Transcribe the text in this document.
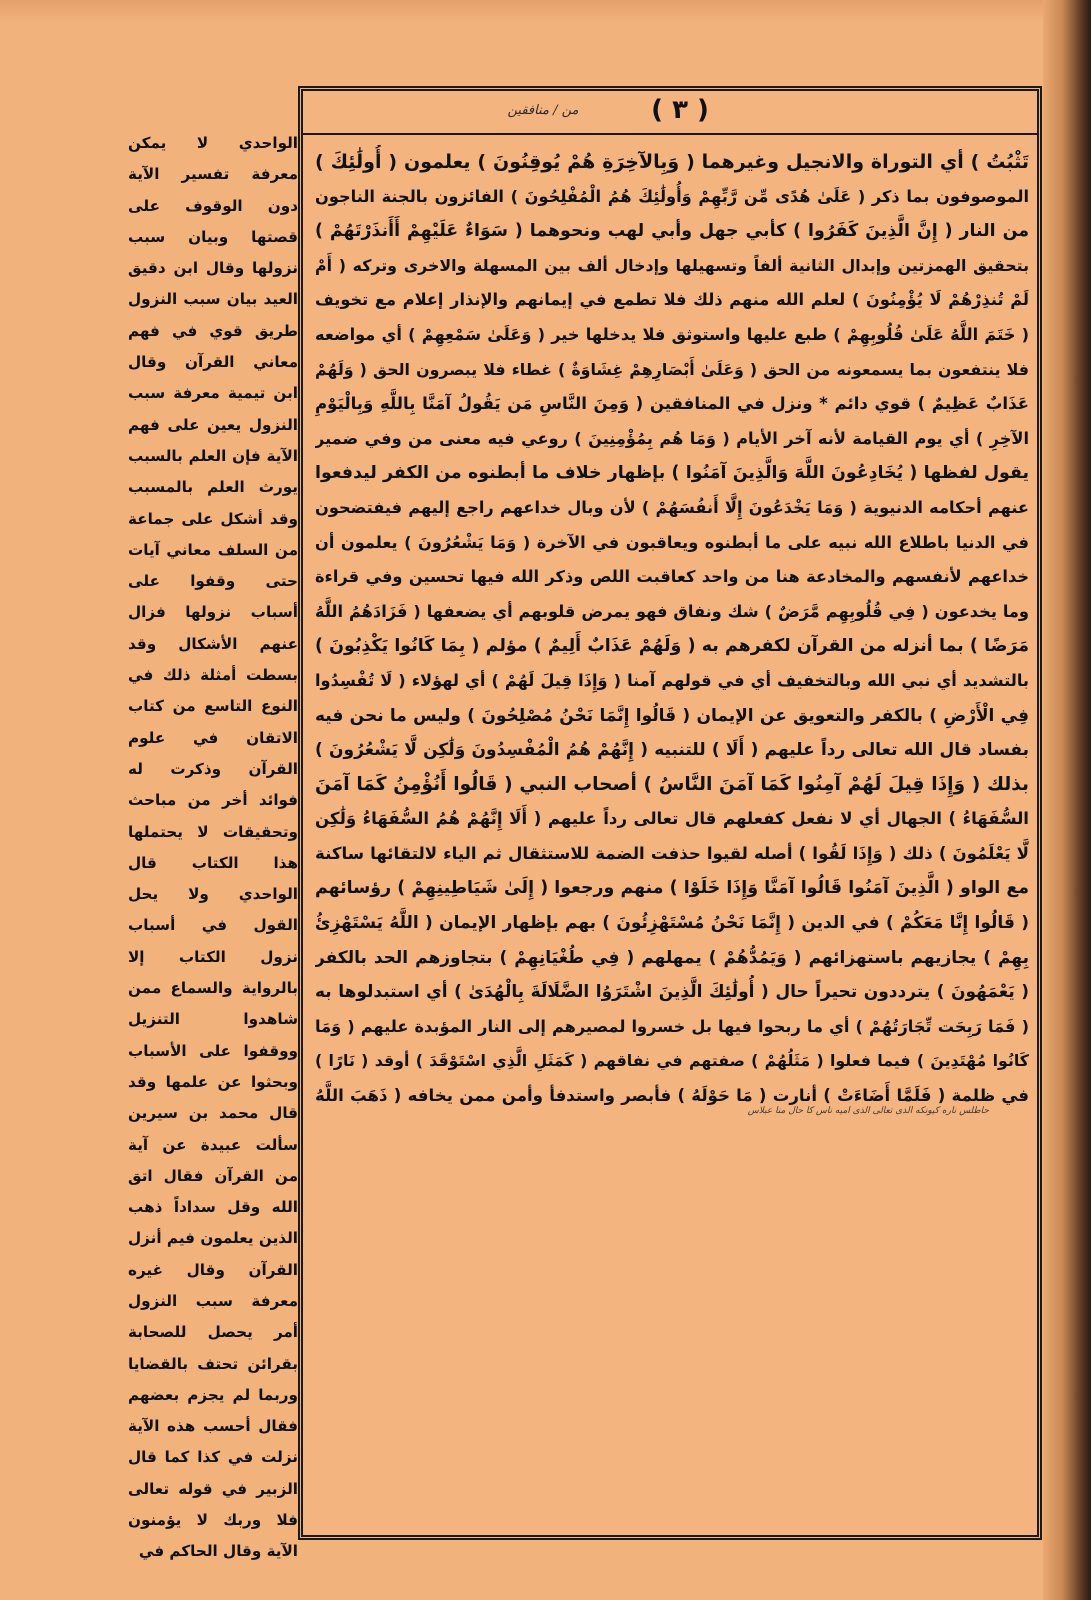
الواحدي لا يمكن معرفة تفسير الآية دون الوقوف على قصتها وبيان سبب نزولها وقال ابن دقيق العيد بيان سبب النزول طريق قوي في فهم معاني القرآن وقال ابن تيمية معرفة سبب النزول يعين على فهم الآية فإن العلم بالسبب يورث العلم بالمسبب وقد أشكل على جماعة من السلف معاني آيات حتى وقفوا على أسباب نزولها فزال عنهم الأشكال وقد بسطت أمثلة ذلك في النوع التاسع من كتاب الاتقان في علوم القرآن وذكرت له فوائد أخر من مباحث وتحقيقات لا يحتملها هذا الكتاب قال الواحدي ولا يحل القول في أسباب نزول الكتاب إلا بالرواية والسماع ممن شاهدوا التنزيل ووقفوا على الأسباب وبحثوا عن علمها وقد قال محمد بن سيرين سألت عبيدة عن آية من القرآن فقال اتق الله وقل سداداً ذهب الذين يعلمون فيم أنزل القرآن وقال غيره معرفة سبب النزول أمر يحصل للصحابة بقرائن تحتف بالقضايا وربما لم يجزم بعضهم فقال أحسب هذه الآية نزلت في كذا كما قال الزبير في قوله تعالى فلا وربك لا يؤمنون الآية وقال الحاكم في
من / منافقين	( ٣ )
تَثْبُتُ ) أي التوراة والانجيل وغيرهما ( وَبِالآخِرَةِ هُمْ يُوقِنُونَ ) يعلمون ( أُولَٰئِكَ )
الموصوفون بما ذكر ( عَلَىٰ هُدًى مِّن رَّبِّهِمْ وَأُولَٰئِكَ هُمُ الْمُفْلِحُونَ ) الفائزون بالجنة الناجون
من النار ( إِنَّ الَّذِينَ كَفَرُوا ) كأبي جهل وأبي لهب ونحوهما ( سَوَاءٌ عَلَيْهِمْ أَأَنذَرْتَهُمْ )
بتحقيق الهمزتين وإبدال الثانية ألفاً وتسهيلها وإدخال ألف بين المسهلة والاخرى وتركه ( أَمْ
لَمْ تُنذِرْهُمْ لَا يُؤْمِنُونَ ) لعلم الله منهم ذلك فلا تطمع في إيمانهم والإنذار إعلام مع تخويف
( خَتَمَ اللَّهُ عَلَىٰ قُلُوبِهِمْ ) طبع عليها واستوثق فلا يدخلها خير ( وَعَلَىٰ سَمْعِهِمْ ) أي مواضعه
فلا ينتفعون بما يسمعونه من الحق ( وَعَلَىٰ أَبْصَارِهِمْ غِشَاوَةٌ ) غطاء فلا يبصرون الحق ( وَلَهُمْ
عَذَابٌ عَظِيمٌ ) قوي دائم * ونزل في المنافقين ( وَمِنَ النَّاسِ مَن يَقُولُ آمَنَّا بِاللَّهِ وَبِالْيَوْمِ
الآخِرِ ) أي يوم القيامة لأنه آخر الأيام ( وَمَا هُم بِمُؤْمِنِينَ ) روعي فيه معنى من وفي ضمير
يقول لفظها ( يُخَادِعُونَ اللَّهَ وَالَّذِينَ آمَنُوا ) بإظهار خلاف ما أبطنوه من الكفر ليدفعوا
عنهم أحكامه الدنيوية ( وَمَا يَخْدَعُونَ إِلَّا أَنفُسَهُمْ ) لأن وبال خداعهم راجع إليهم فيفتضحون
في الدنيا باطلاع الله نبيه على ما أبطنوه ويعاقبون في الآخرة ( وَمَا يَشْعُرُونَ ) يعلمون أن
خداعهم لأنفسهم والمخادعة هنا من واحد كعاقبت اللص وذكر الله فيها تحسين وفي قراءة
وما يخدعون ( فِي قُلُوبِهِم مَّرَضٌ ) شك ونفاق فهو يمرض قلوبهم أي يضعفها ( فَزَادَهُمُ اللَّهُ
مَرَضًا ) بما أنزله من القرآن لكفرهم به ( وَلَهُمْ عَذَابٌ أَلِيمٌ ) مؤلم ( بِمَا كَانُوا يَكْذِبُونَ )
بالتشديد أي نبي الله وبالتخفيف أي في قولهم آمنا ( وَإِذَا قِيلَ لَهُمْ ) أي لهؤلاء ( لَا تُفْسِدُوا
فِي الْأَرْضِ ) بالكفر والتعويق عن الإيمان ( قَالُوا إِنَّمَا نَحْنُ مُصْلِحُونَ ) وليس ما نحن فيه
بفساد قال الله تعالى رداً عليهم ( أَلَا ) للتنبيه ( إِنَّهُمْ هُمُ الْمُفْسِدُونَ وَلَٰكِن لَّا يَشْعُرُونَ )
بذلك ( وَإِذَا قِيلَ لَهُمْ آمِنُوا كَمَا آمَنَ النَّاسُ ) أصحاب النبي ( قَالُوا أَنُؤْمِنُ كَمَا آمَنَ
السُّفَهَاءُ ) الجهال أي لا نفعل كفعلهم قال تعالى رداً عليهم ( أَلَا إِنَّهُمْ هُمُ السُّفَهَاءُ وَلَٰكِن
لَّا يَعْلَمُونَ ) ذلك ( وَإِذَا لَقُوا ) أصله لقيوا حذفت الضمة للاستثقال ثم الياء لالتقائها ساكنة
مع الواو ( الَّذِينَ آمَنُوا قَالُوا آمَنَّا وَإِذَا خَلَوْا ) منهم ورجعوا ( إِلَىٰ شَيَاطِينِهِمْ ) رؤسائهم
( قَالُوا إِنَّا مَعَكُمْ ) في الدين ( إِنَّمَا نَحْنُ مُسْتَهْزِئُونَ ) بهم بإظهار الإيمان ( اللَّهُ يَسْتَهْزِئُ
بِهِمْ ) يجازيهم باستهزائهم ( وَيَمُدُّهُمْ ) يمهلهم ( فِي طُغْيَانِهِمْ ) بتجاوزهم الحد بالكفر
( يَعْمَهُونَ ) يترددون تحيراً حال ( أُولَٰئِكَ الَّذِينَ اشْتَرَوُا الضَّلَالَةَ بِالْهُدَىٰ ) أي استبدلوها به
( فَمَا رَبِحَت تِّجَارَتُهُمْ ) أي ما ربحوا فيها بل خسروا لمصيرهم إلى النار المؤبدة عليهم ( وَمَا
كَانُوا مُهْتَدِينَ ) فيما فعلوا ( مَثَلُهُمْ ) صفتهم في نفاقهم ( كَمَثَلِ الَّذِي اسْتَوْقَدَ ) أوقد ( نَارًا )
في ظلمة ( فَلَمَّا أَضَاءَتْ ) أنارت ( مَا حَوْلَهُ ) فأبصر واستدفأ وأمن ممن يخافه ( ذَهَبَ اللَّهُ
حاطلس ناره كيونكه الذى تعالى الذى اميه ناس كا حال منا عبلاس
